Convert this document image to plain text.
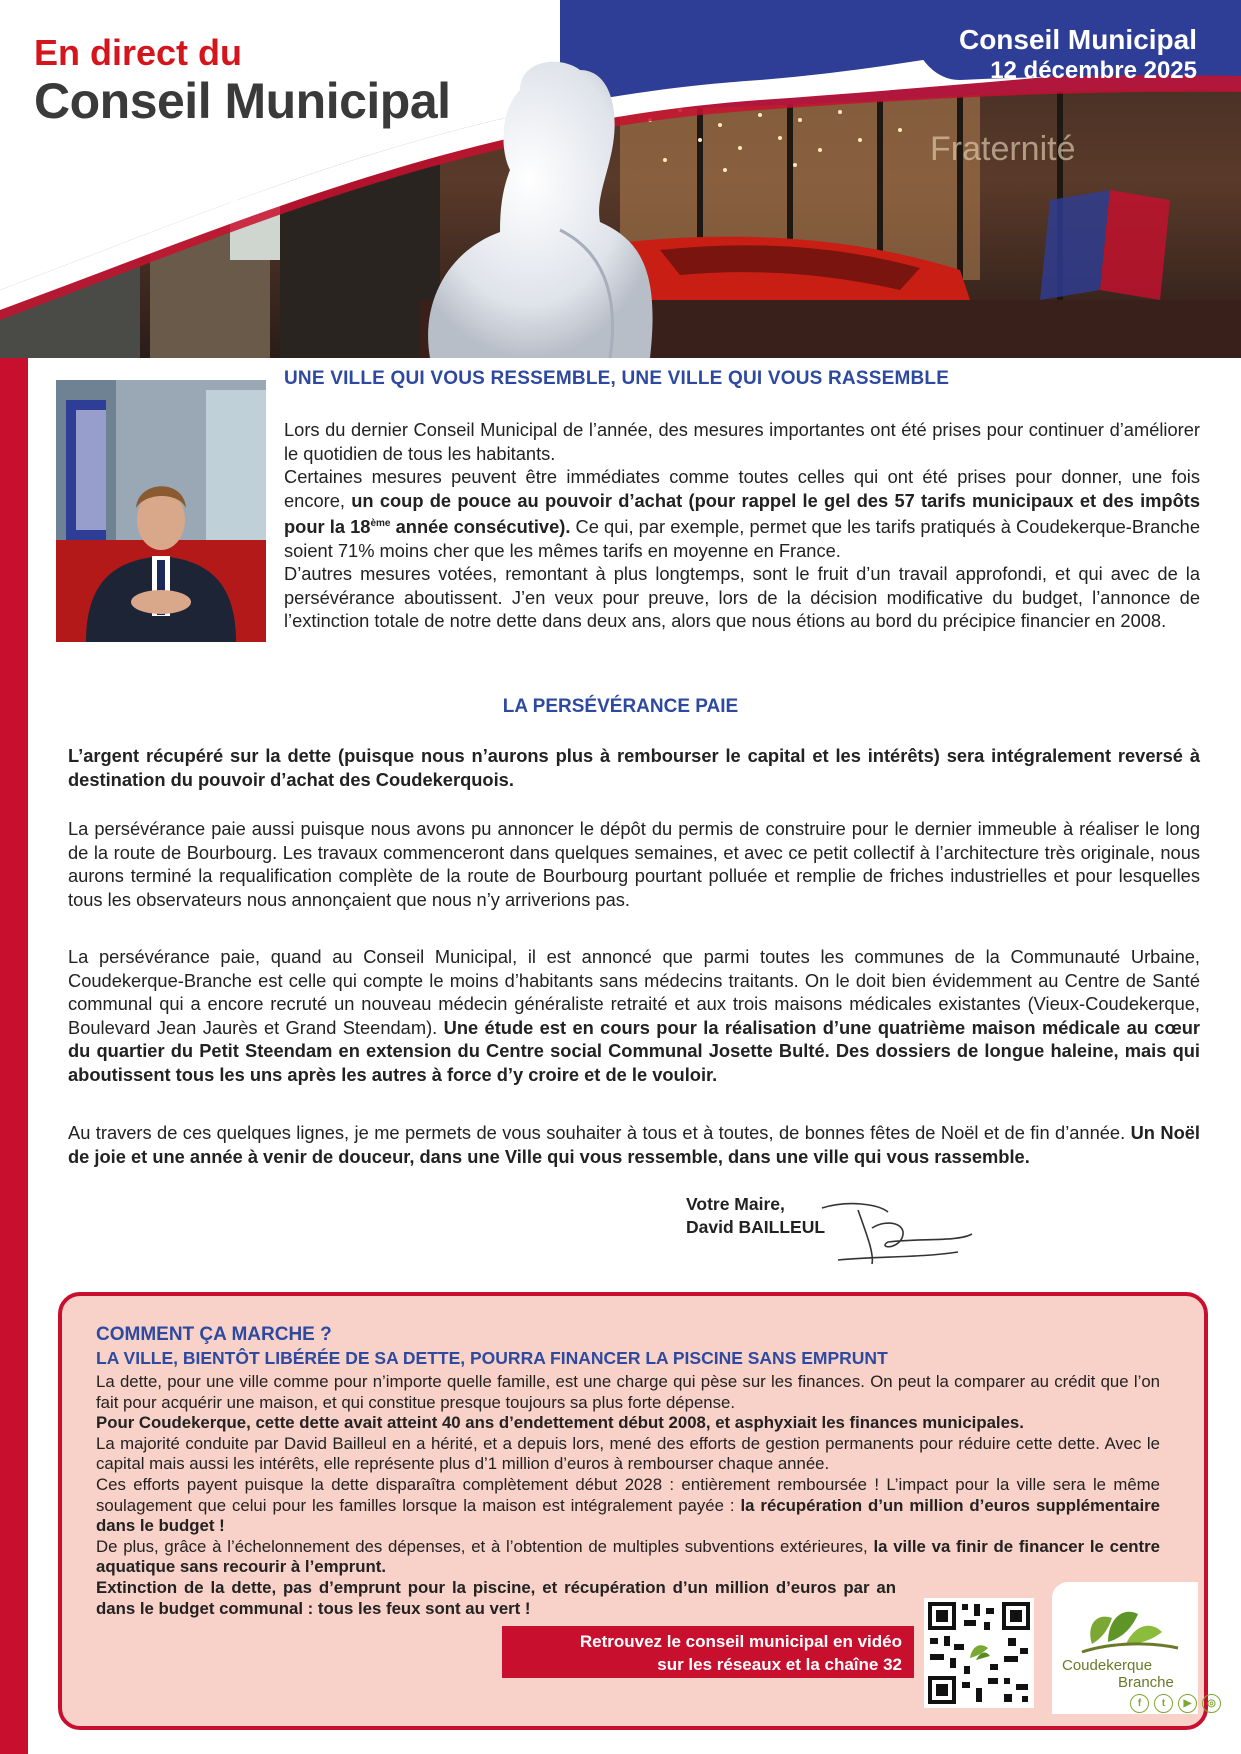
Fraternité
En direct du
Conseil Municipal
Conseil Municipal
12 décembre 2025
UNE VILLE QUI VOUS RESSEMBLE, UNE VILLE QUI VOUS RASSEMBLE

Lors du dernier Conseil Municipal de l’année, des mesures importantes ont été prises pour continuer d’améliorer le quotidien de tous les habitants.

Certaines mesures peuvent être immédiates comme toutes celles qui ont été prises pour donner, une fois encore, un coup de pouce au pouvoir d’achat (pour rappel le gel des 57 tarifs municipaux et des impôts pour la 18ème année consécutive). Ce qui, par exemple, permet que les tarifs pratiqués à Coudekerque-Branche soient 71% moins cher que les mêmes tarifs en moyenne en France.

D’autres mesures votées, remontant à plus longtemps, sont le fruit d’un travail approfondi, et qui avec de la persévérance aboutissent. J’en veux pour preuve, lors de la décision modificative du budget, l’annonce de l’extinction totale de notre dette dans deux ans, alors que nous étions au bord du précipice financier en 2008.

LA PERSÉVÉRANCE PAIE

L’argent récupéré sur la dette (puisque nous n’aurons plus à rembourser le capital et les intérêts) sera intégralement reversé à destination du pouvoir d’achat des Coudekerquois.

La persévérance paie aussi puisque nous avons pu annoncer le dépôt du permis de construire pour le dernier immeuble à réaliser le long de la route de Bourbourg. Les travaux commenceront dans quelques semaines, et avec ce petit collectif à l’architecture très originale, nous aurons terminé la requalification complète de la route de Bourbourg pourtant polluée et remplie de friches industrielles et pour lesquelles tous les observateurs nous annonçaient que nous n’y arriverions pas.

La persévérance paie, quand au Conseil Municipal, il est annoncé que parmi toutes les communes de la Communauté Urbaine, Coudekerque-Branche est celle qui compte le moins d’habitants sans médecins traitants. On le doit bien évidemment au Centre de Santé communal qui a encore recruté un nouveau médecin généraliste retraité et aux trois maisons médicales existantes (Vieux-Coudekerque, Boulevard Jean Jaurès et Grand Steendam). Une étude est en cours pour la réalisation d’une quatrième maison médicale au cœur du quartier du Petit Steendam en extension du Centre social Communal Josette Bulté. Des dossiers de longue haleine, mais qui aboutissent tous les uns après les autres à force d’y croire et de le vouloir.

Au travers de ces quelques lignes, je me permets de vous souhaiter à tous et à toutes, de bonnes fêtes de Noël et de fin d’année. Un Noël de joie et une année à venir de douceur, dans une Ville qui vous ressemble, dans une ville qui vous rassemble.

Votre Maire,
David BAILLEUL
COMMENT ÇA MARCHE ?
LA VILLE, BIENTÔT LIBÉRÉE DE SA DETTE, POURRA FINANCER LA PISCINE SANS EMPRUNT

La dette, pour une ville comme pour n’importe quelle famille, est une charge qui pèse sur les finances. On peut la comparer au crédit que l’on fait pour acquérir une maison, et qui constitue presque toujours sa plus forte dépense.

Pour Coudekerque, cette dette avait atteint 40 ans d’endettement début 2008, et asphyxiait les finances municipales.

La majorité conduite par David Bailleul en a hérité, et a depuis lors, mené des efforts de gestion permanents pour réduire cette dette. Avec le capital mais aussi les intérêts, elle représente plus d’1 million d’euros à rembourser chaque année.

Ces efforts payent puisque la dette disparaîtra complètement début 2028 : entièrement remboursée ! L’impact pour la ville sera le même soulagement que celui pour les familles lorsque la maison est intégralement payée : la récupération d’un million d’euros supplémentaire dans le budget !

De plus, grâce à l’échelonnement des dépenses, et à l’obtention de multiples subventions extérieures, la ville va finir de financer le centre aquatique sans recourir à l’emprunt.

Extinction de la dette, pas d’emprunt pour la piscine, et récupération d’un million d’euros par an dans le budget communal : tous les feux sont au vert !

Retrouvez le conseil municipal en vidéo
sur les réseaux et la chaîne 32	Coudekerque
Branche
f	t	▶	◎
